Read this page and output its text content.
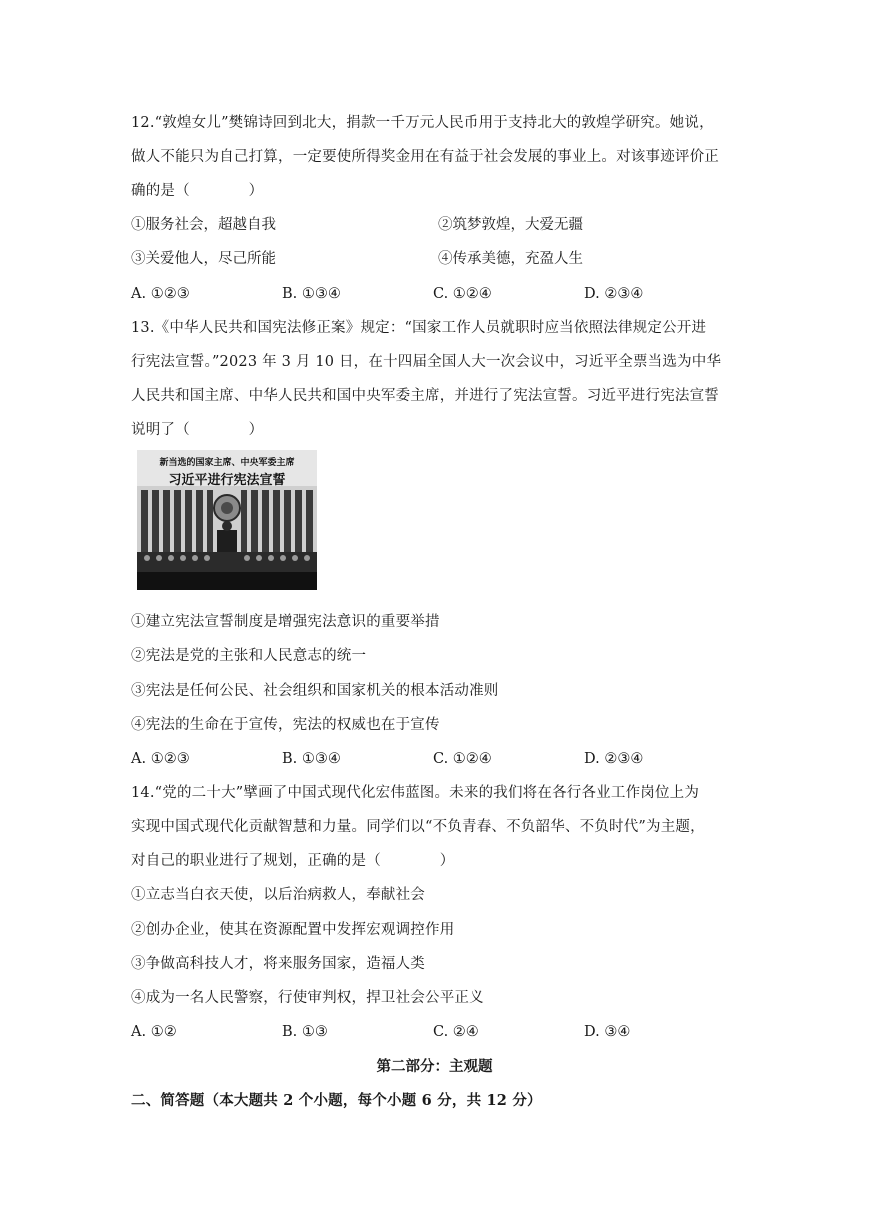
12.“敦煌女儿”樊锦诗回到北大，捐款一千万元人民币用于支持北大的敦煌学研究。她说，
做人不能只为自己打算，一定要使所得奖金用在有益于社会发展的事业上。对该事迹评价正
确的是（　　　　）
①服务社会，超越自我	②筑梦敦煌，大爱无疆
③关爱他人，尽己所能	④传承美德，充盈人生
A. ①②③	B. ①③④	C. ①②④	D. ②③④
13.《中华人民共和国宪法修正案》规定：“国家工作人员就职时应当依照法律规定公开进
行宪法宣誓。”2023 年 3 月 10 日，在十四届全国人大一次会议中，习近平全票当选为中华
人民共和国主席、中华人民共和国中央军委主席，并进行了宪法宣誓。习近平进行宪法宣誓
说明了（　　　　）
新当选的国家主席、中央军委主席
习近平进行宪法宣誓
①建立宪法宣誓制度是增强宪法意识的重要举措
②宪法是党的主张和人民意志的统一
③宪法是任何公民、社会组织和国家机关的根本活动准则
④宪法的生命在于宣传，宪法的权威也在于宣传
A. ①②③	B. ①③④	C. ①②④	D. ②③④
14.“党的二十大”擘画了中国式现代化宏伟蓝图。未来的我们将在各行各业工作岗位上为
实现中国式现代化贡献智慧和力量。同学们以“不负青春、不负韶华、不负时代”为主题，
对自己的职业进行了规划，正确的是（　　　　）
①立志当白衣天使，以后治病救人，奉献社会
②创办企业，使其在资源配置中发挥宏观调控作用
③争做高科技人才，将来服务国家，造福人类
④成为一名人民警察，行使审判权，捍卫社会公平正义
A. ①②	B. ①③	C. ②④	D. ③④
第二部分：主观题
二、简答题（本大题共 2 个小题，每个小题 6 分，共 12 分）
